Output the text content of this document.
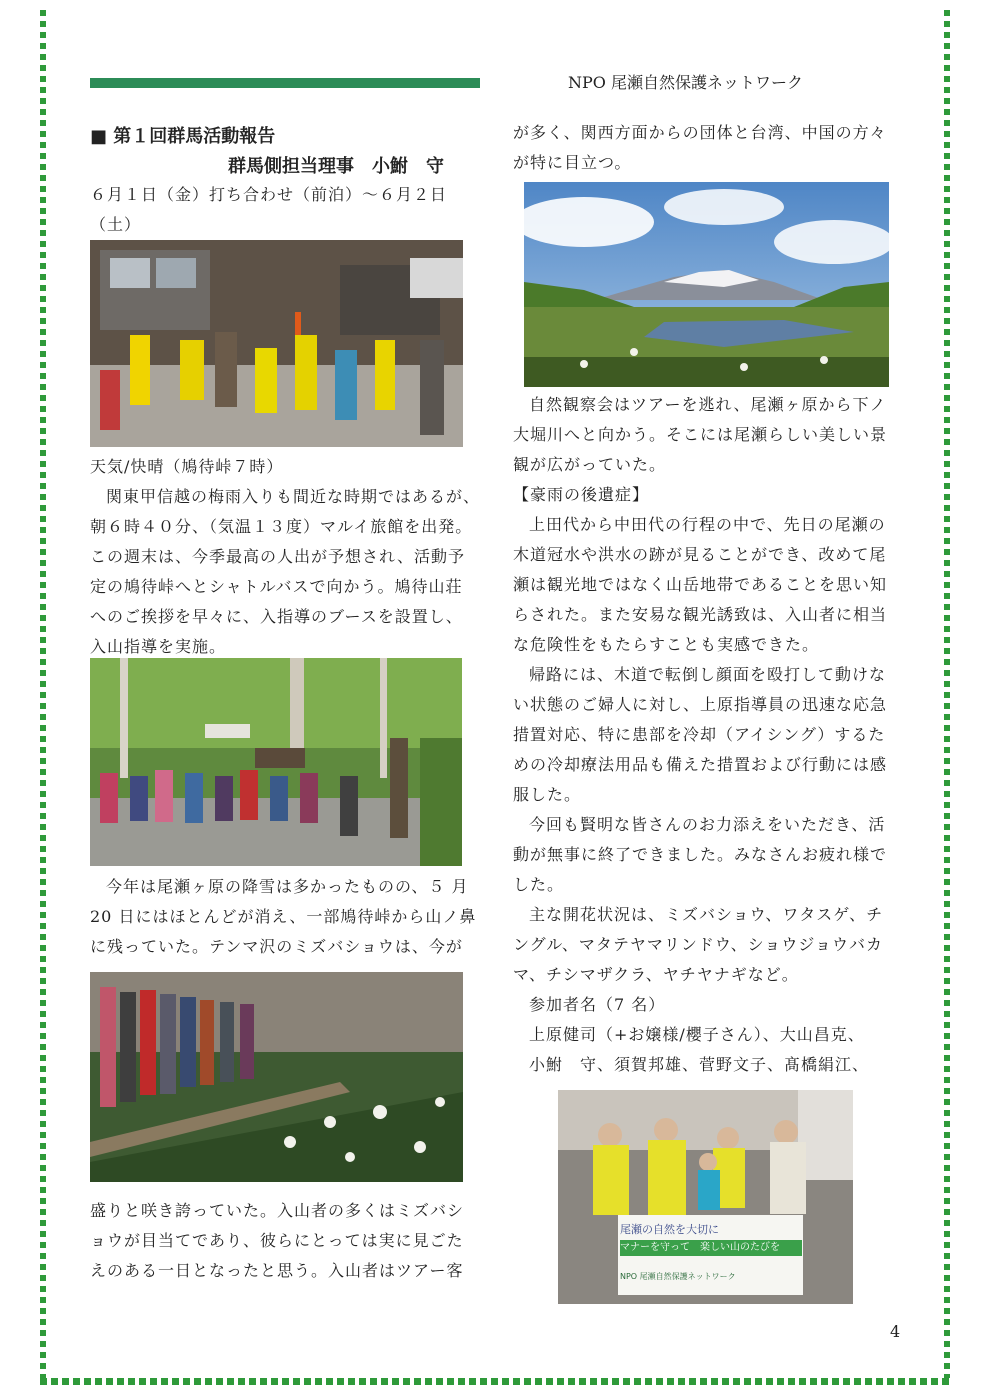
NPO 尾瀬自然保護ネットワーク
■ 第１回群馬活動報告
群馬側担当理事　小鮒　守

６月１日（金）打ち合わせ（前泊）～６月２日（土）

天気/快晴（鳩待峠７時）

関東甲信越の梅雨入りも間近な時期ではあるが、

朝６時４０分、（気温１３度）マルイ旅館を出発。

この週末は、今季最高の人出が予想され、活動予

定の鳩待峠へとシャトルバスで向かう。鳩待山荘

へのご挨拶を早々に、入指導のブースを設置し、

入山指導を実施。

今年は尾瀬ヶ原の降雪は多かったものの、５ 月

20 日にはほとんどが消え、一部鳩待峠から山ノ鼻

に残っていた。テンマ沢のミズバショウは、今が

盛りと咲き誇っていた。入山者の多くはミズバシ

ョウが目当てであり、彼らにとっては実に見ごた

えのある一日となったと思う。入山者はツアー客

が多く、関西方面からの団体と台湾、中国の方々

が特に目立つ。

自然観察会はツアーを逃れ、尾瀬ヶ原から下ノ

大堀川へと向かう。そこには尾瀬らしい美しい景

観が広がっていた。

【豪雨の後遺症】

上田代から中田代の行程の中で、先日の尾瀬の

木道冠水や洪水の跡が見ることができ、改めて尾

瀬は観光地ではなく山岳地帯であることを思い知

らされた。また安易な観光誘致は、入山者に相当

な危険性をもたらすことも実感できた。

帰路には、木道で転倒し顔面を殴打して動けな

い状態のご婦人に対し、上原指導員の迅速な応急

措置対応、特に患部を冷却（アイシング）するた

めの冷却療法用品も備えた措置および行動には感

服した。

今回も賢明な皆さんのお力添えをいただき、活

動が無事に終了できました。みなさんお疲れ様で

した。

主な開花状況は、ミズバショウ、ワタスゲ、チ

ングル、マタテヤマリンドウ、ショウジョウバカ

マ、チシマザクラ、ヤチヤナギなど。

参加者名（7 名）

上原健司（+お嬢様/櫻子さん）、大山昌克、

小鮒　守、須賀邦雄、菅野文子、髙橋絹江、

尾瀬の自然を大切に
マナーを守って　楽しい山のたびを
NPO 尾瀬自然保護ネットワーク
4
